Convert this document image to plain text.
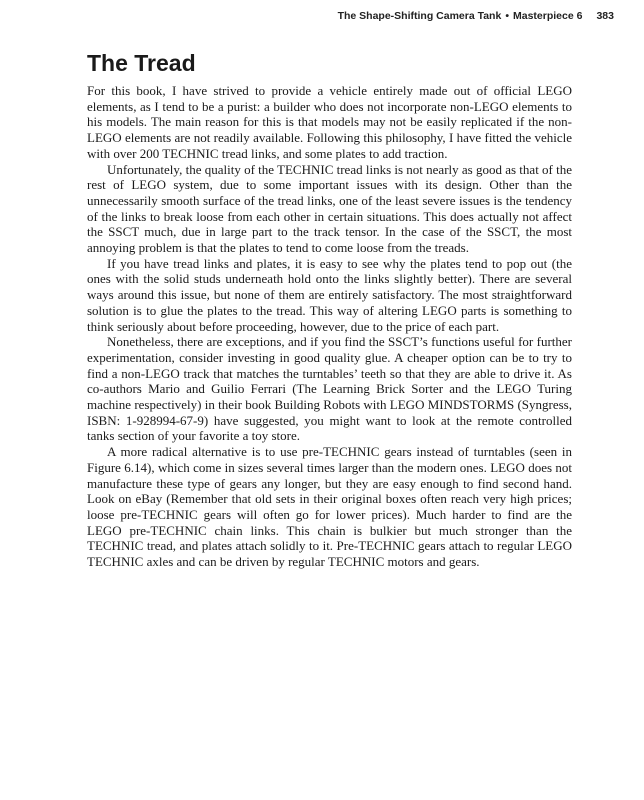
The Shape-Shifting Camera Tank • Masterpiece 6 383
The Tread

For this book, I have strived to provide a vehicle entirely made out of official LEGO elements, as I tend to be a purist: a builder who does not incorporate non-LEGO elements to his models. The main reason for this is that models may not be easily replicated if the non-LEGO elements are not readily available. Following this philosophy, I have fitted the vehicle with over 200 TECHNIC tread links, and some plates to add traction.

Unfortunately, the quality of the TECHNIC tread links is not nearly as good as that of the rest of LEGO system, due to some important issues with its design. Other than the unnecessarily smooth surface of the tread links, one of the least severe issues is the tendency of the links to break loose from each other in certain situations. This does actually not affect the SSCT much, due in large part to the track tensor. In the case of the SSCT, the most annoying problem is that the plates to tend to come loose from the treads.

If you have tread links and plates, it is easy to see why the plates tend to pop out (the ones with the solid studs underneath hold onto the links slightly better). There are several ways around this issue, but none of them are entirely satisfactory. The most straightforward solution is to glue the plates to the tread. This way of altering LEGO parts is something to think seriously about before proceeding, however, due to the price of each part.

Nonetheless, there are exceptions, and if you find the SSCT’s functions useful for further experimentation, consider investing in good quality glue. A cheaper option can be to try to find a non-LEGO track that matches the turntables’ teeth so that they are able to drive it. As co-authors Mario and Guilio Ferrari (The Learning Brick Sorter and the LEGO Turing machine respectively) in their book Building Robots with LEGO MINDSTORMS (Syngress, ISBN: 1-928994-67-9) have suggested, you might want to look at the remote controlled tanks section of your favorite a toy store.

A more radical alternative is to use pre-TECHNIC gears instead of turntables (seen in Figure 6.14), which come in sizes several times larger than the modern ones. LEGO does not manufacture these type of gears any longer, but they are easy enough to find second hand. Look on eBay (Remember that old sets in their original boxes often reach very high prices; loose pre-TECHNIC gears will often go for lower prices). Much harder to find are the LEGO pre-TECHNIC chain links. This chain is bulkier but much stronger than the TECHNIC tread, and plates attach solidly to it. Pre-TECHNIC gears attach to regular LEGO TECHNIC axles and can be driven by regular TECHNIC motors and gears.
